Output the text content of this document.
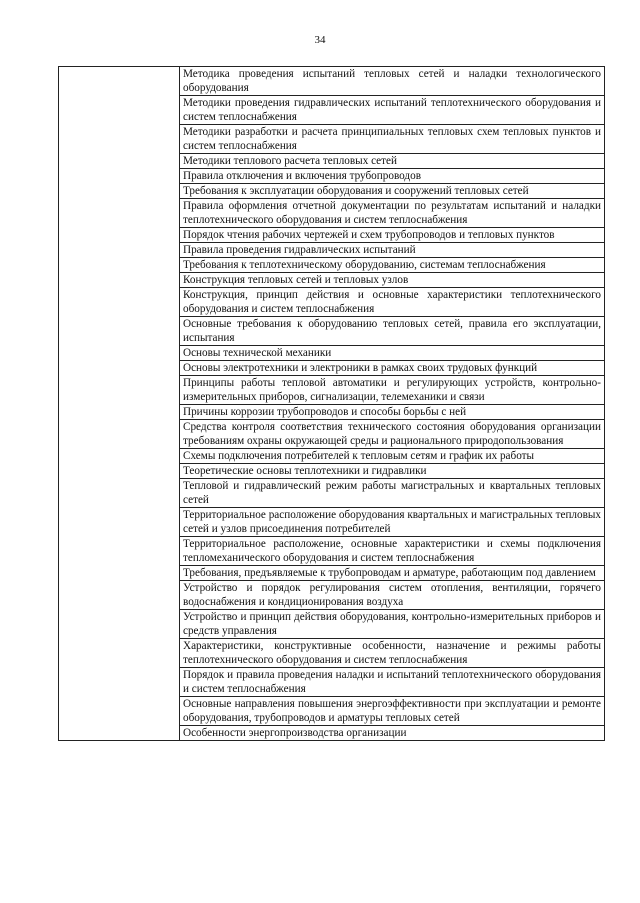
34
	Методика проведения испытаний тепловых сетей и наладки технологического оборудования
Методики проведения гидравлических испытаний теплотехнического оборудования и систем теплоснабжения
Методики разработки и расчета принципиальных тепловых схем тепловых пунктов и систем теплоснабжения
Методики теплового расчета тепловых сетей
Правила отключения и включения трубопроводов
Требования к эксплуатации оборудования и сооружений тепловых сетей
Правила оформления отчетной документации по результатам испытаний и наладки теплотехнического оборудования и систем теплоснабжения
Порядок чтения рабочих чертежей и схем трубопроводов и тепловых пунктов
Правила проведения гидравлических испытаний
Требования к теплотехническому оборудованию, системам теплоснабжения
Конструкция тепловых сетей и тепловых узлов
Конструкция, принцип действия и основные характеристики теплотехнического оборудования и систем теплоснабжения
Основные требования к оборудованию тепловых сетей, правила его эксплуатации, испытания
Основы технической механики
Основы электротехники и электроники в рамках своих трудовых функций
Принципы работы тепловой автоматики и регулирующих устройств, контрольно-измерительных приборов, сигнализации, телемеханики и связи
Причины коррозии трубопроводов и способы борьбы с ней
Средства контроля соответствия технического состояния оборудования организации требованиям охраны окружающей среды и рационального природопользования
Схемы подключения потребителей к тепловым сетям и график их работы
Теоретические основы теплотехники и гидравлики
Тепловой и гидравлический режим работы магистральных и квартальных тепловых сетей
Территориальное расположение оборудования квартальных и магистральных тепловых сетей и узлов присоединения потребителей
Территориальное расположение, основные характеристики и схемы подключения тепломеханического оборудования и систем теплоснабжения
Требования, предъявляемые к трубопроводам и арматуре, работающим под давлением
Устройство и порядок регулирования систем отопления, вентиляции, горячего водоснабжения и кондиционирования воздуха
Устройство и принцип действия оборудования, контрольно-измерительных приборов и средств управления
Характеристики, конструктивные особенности, назначение и режимы работы теплотехнического оборудования и систем теплоснабжения
Порядок и правила проведения наладки и испытаний теплотехнического оборудования и систем теплоснабжения
Основные направления повышения энергоэффективности при эксплуатации и ремонте оборудования, трубопроводов и арматуры тепловых сетей
Особенности энергопроизводства организации
